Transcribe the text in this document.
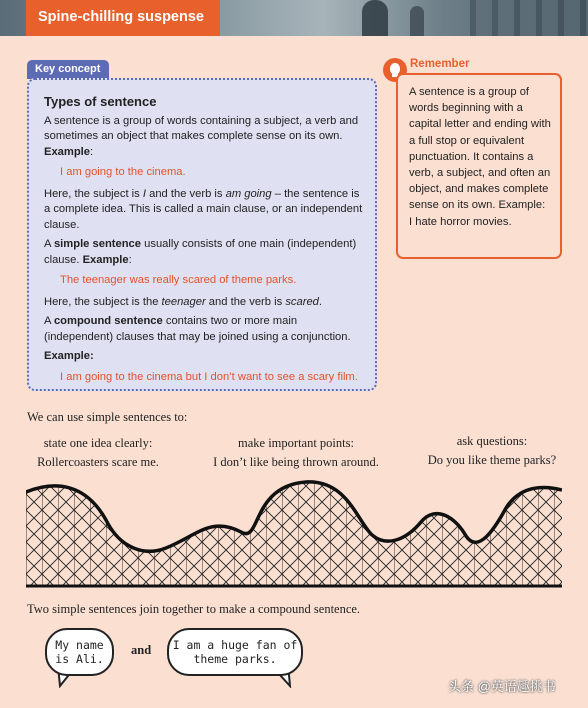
Spine-chilling suspense
Key concept
Types of sentence

A sentence is a group of words containing a subject, a verb and sometimes an object that makes complete sense on its own. Example:

I am going to the cinema.

Here, the subject is I and the verb is am going – the sentence is a complete idea. This is called a main clause, or an independent clause.

A simple sentence usually consists of one main (independent) clause. Example:

The teenager was really scared of theme parks.

Here, the subject is the teenager and the verb is scared.

A compound sentence contains two or more main (independent) clauses that may be joined using a conjunction.

Example:

I am going to the cinema but I don’t want to see a scary film.

Remember
A sentence is a group of words beginning with a capital letter and ending with a full stop or equivalent punctuation. It contains a verb, a subject, and often an object, and makes complete sense on its own. Example:
I hate horror movies.
We can use simple sentences to:
state one idea clearly:
Rollercoasters scare me.
make important points:
I don’t like being thrown around.
ask questions:
Do you like theme parks?
Two simple sentences join together to make a compound sentence.
My name is Ali.
and	I am a huge fan of theme parks.
头条 @英语趣挑书
